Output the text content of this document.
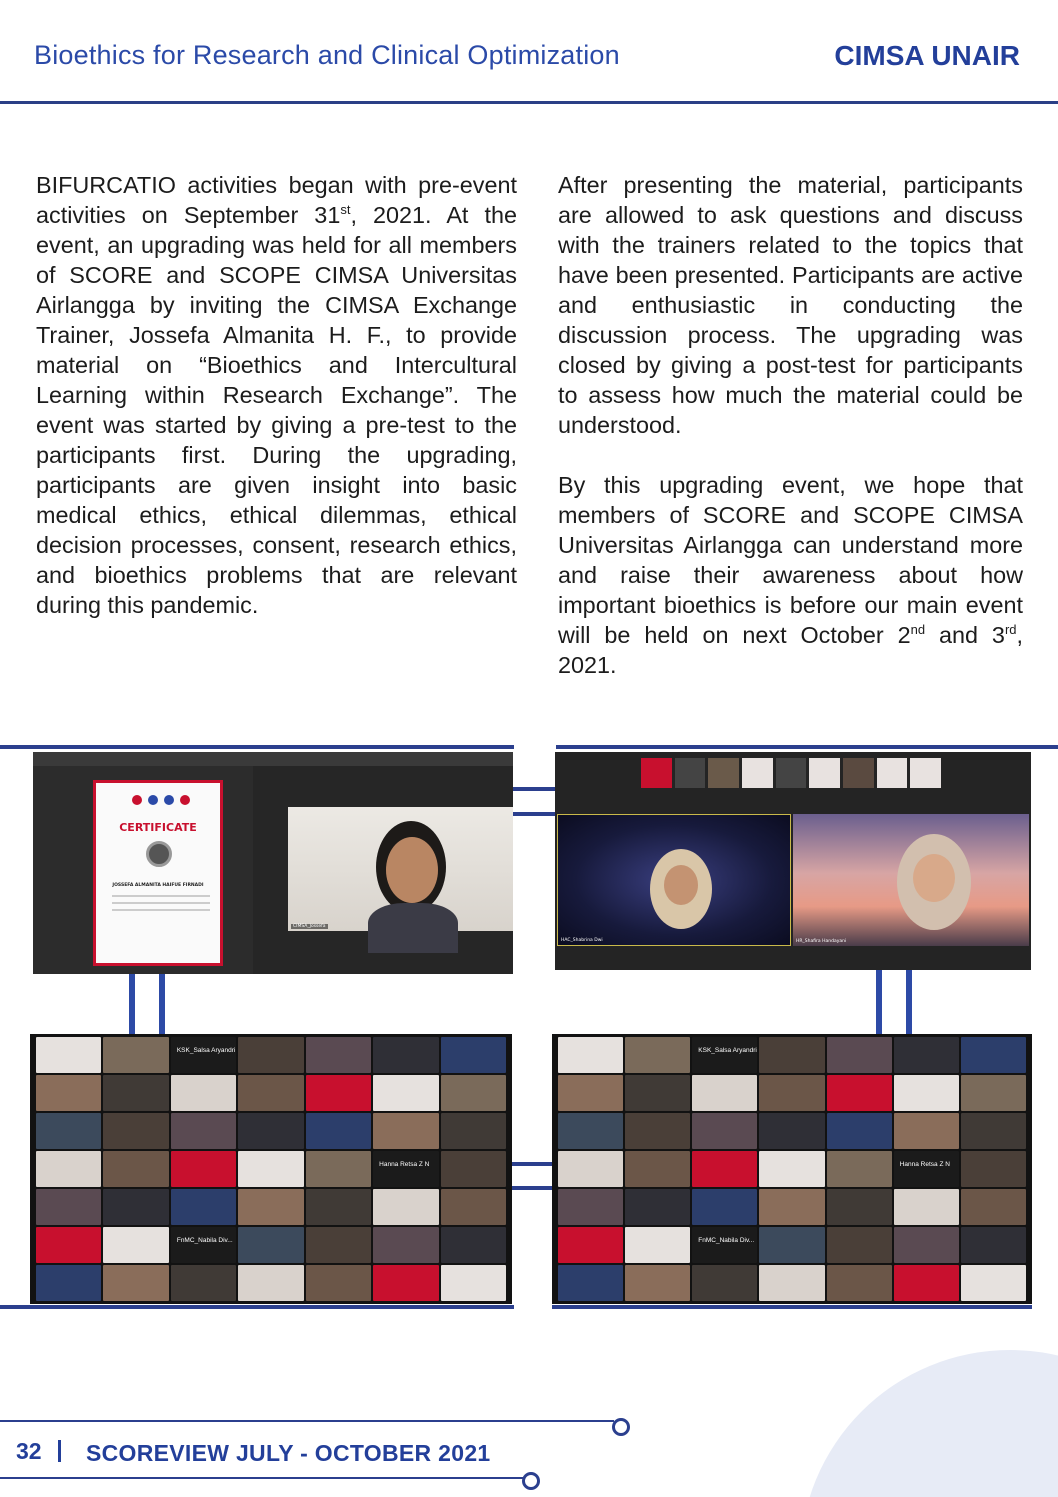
Bioethics for Research and Clinical Optimization	CIMSA UNAIR

BIFURCATIO activities began with pre-event activities on September 31st, 2021. At the event, an upgrading was held for all members of SCORE and SCOPE CIMSA Universitas Airlangga by inviting the CIMSA Exchange Trainer, Jossefa Almanita H. F., to provide material on “Bioethics and Intercultural Learning within Research Exchange”. The event was started by giving a pre-test to the participants first. During the upgrading, participants are given insight into basic medical ethics, ethical dilemmas, ethical decision processes, consent, research ethics, and bioethics problems that are relevant during this pandemic.

After presenting the material, participants are allowed to ask questions and discuss with the trainers related to the topics that have been presented. Participants are active and enthusiastic in conducting the discussion process. The upgrading was closed by giving a post-test for participants to assess how much the material could be understood.

By this upgrading event, we hope that members of SCORE and SCOPE CIMSA Universitas Airlangga can understand more and raise their awareness about how important bioethics is before our main event will be held on next October 2nd and 3rd, 2021.

CERTIFICATE
JOSSEFA ALMANITA HAIFUE FIRNADI
CIMSA_Jossefa
HAC_Shabrina Dwi	HR_Shafira Handayani
KSK_Salsa Aryandri
Hanna Retsa Z N
FnMC_Nabila Div...
KSK_Salsa Aryandri
Hanna Retsa Z N
FnMC_Nabila Div...
32 SCOREVIEW JULY - OCTOBER 2021
